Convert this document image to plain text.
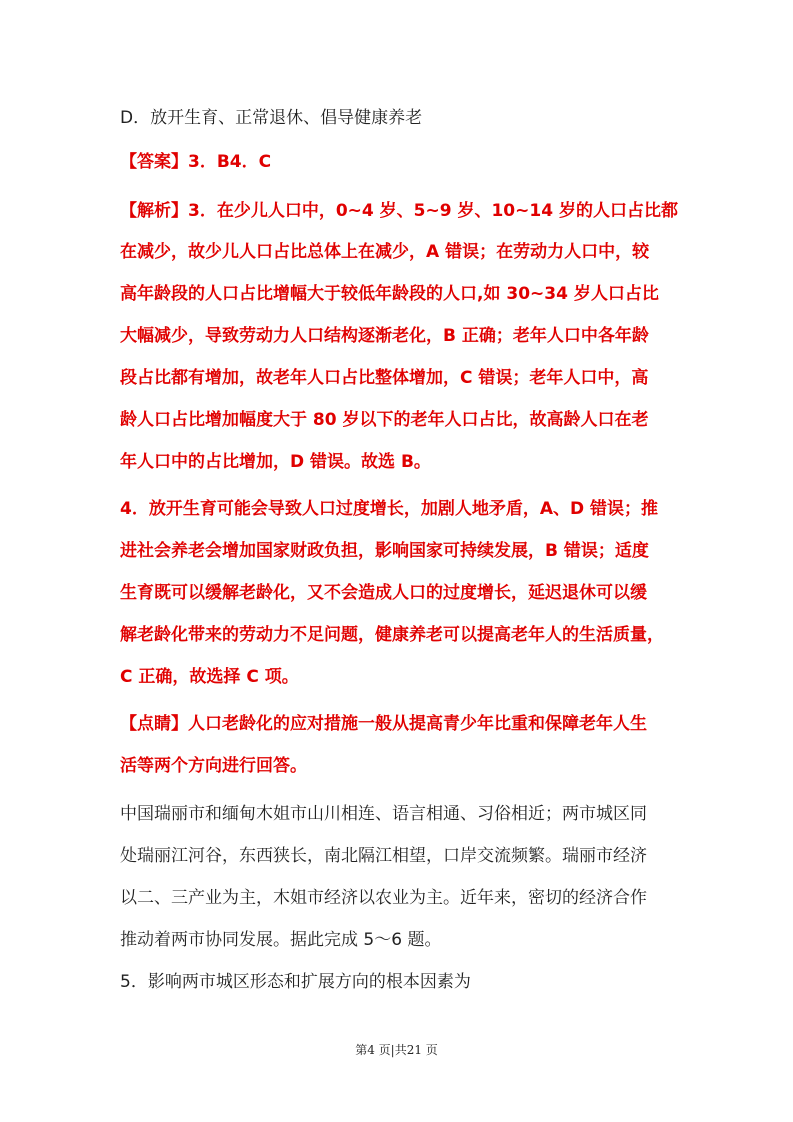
D．放开生育、正常退休、倡导健康养老
【答案】3．B4．C
【解析】3．在少儿人口中，0~4 岁、5~9 岁、10~14 岁的人口占比都
在减少，故少儿人口占比总体上在减少，A 错误；在劳动力人口中，较
高年龄段的人口占比增幅大于较低年龄段的人口,如 30~34 岁人口占比
大幅减少，导致劳动力人口结构逐渐老化，B 正确；老年人口中各年龄
段占比都有增加，故老年人口占比整体增加，C 错误；老年人口中，高
龄人口占比增加幅度大于 80 岁以下的老年人口占比，故高龄人口在老
年人口中的占比增加，D 错误。故选 B。
4．放开生育可能会导致人口过度增长，加剧人地矛盾，A、D 错误；推
进社会养老会增加国家财政负担，影响国家可持续发展，B 错误；适度
生育既可以缓解老龄化，又不会造成人口的过度增长，延迟退休可以缓
解老龄化带来的劳动力不足问题，健康养老可以提高老年人的生活质量，
C 正确，故选择 C 项。
【点睛】人口老龄化的应对措施一般从提高青少年比重和保障老年人生
活等两个方向进行回答。
中国瑞丽市和缅甸木姐市山川相连、语言相通、习俗相近；两市城区同
处瑞丽江河谷，东西狭长，南北隔江相望，口岸交流频繁。瑞丽市经济
以二、三产业为主，木姐市经济以农业为主。近年来，密切的经济合作
推动着两市协同发展。据此完成 5～6 题。
5．影响两市城区形态和扩展方向的根本因素为
第4 页|共21 页
